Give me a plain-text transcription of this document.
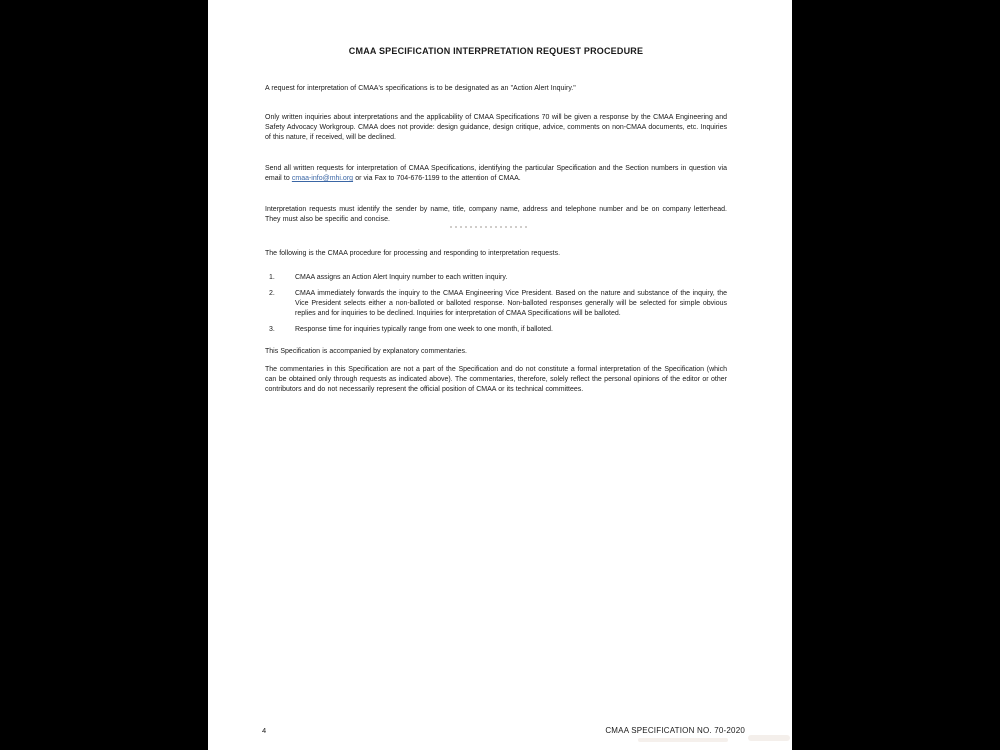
CMAA SPECIFICATION INTERPRETATION REQUEST PROCEDURE

A request for interpretation of CMAA's specifications is to be designated as an "Action Alert Inquiry."

Only written inquiries about interpretations and the applicability of CMAA Specifications 70 will be given a response by the CMAA Engineering and Safety Advocacy Workgroup. CMAA does not provide: design guidance, design critique, advice, comments on non-CMAA documents, etc. Inquiries of this nature, if received, will be declined.

Send all written requests for interpretation of CMAA Specifications, identifying the particular Specification and the Section numbers in question via email to cmaa-info@mhi.org or via Fax to 704-676-1199 to the attention of CMAA.

Interpretation requests must identify the sender by name, title, company name, address and telephone number and be on company letterhead. They must also be specific and concise.

The following is the CMAA procedure for processing and responding to interpretation requests.

1.	CMAA assigns an Action Alert Inquiry number to each written inquiry.
2.	CMAA immediately forwards the inquiry to the CMAA Engineering Vice President. Based on the nature and substance of the inquiry, the Vice President selects either a non-balloted or balloted response. Non-balloted responses generally will be selected for simple obvious replies and for inquiries to be declined. Inquiries for interpretation of CMAA Specifications will be balloted.
3.	Response time for inquiries typically range from one week to one month, if balloted.

This Specification is accompanied by explanatory commentaries.

The commentaries in this Specification are not a part of the Specification and do not constitute a formal interpretation of the Specification (which can be obtained only through requests as indicated above). The commentaries, therefore, solely reflect the personal opinions of the editor or other contributors and do not necessarily represent the official position of CMAA or its technical committees.

4	CMAA SPECIFICATION NO. 70-2020
